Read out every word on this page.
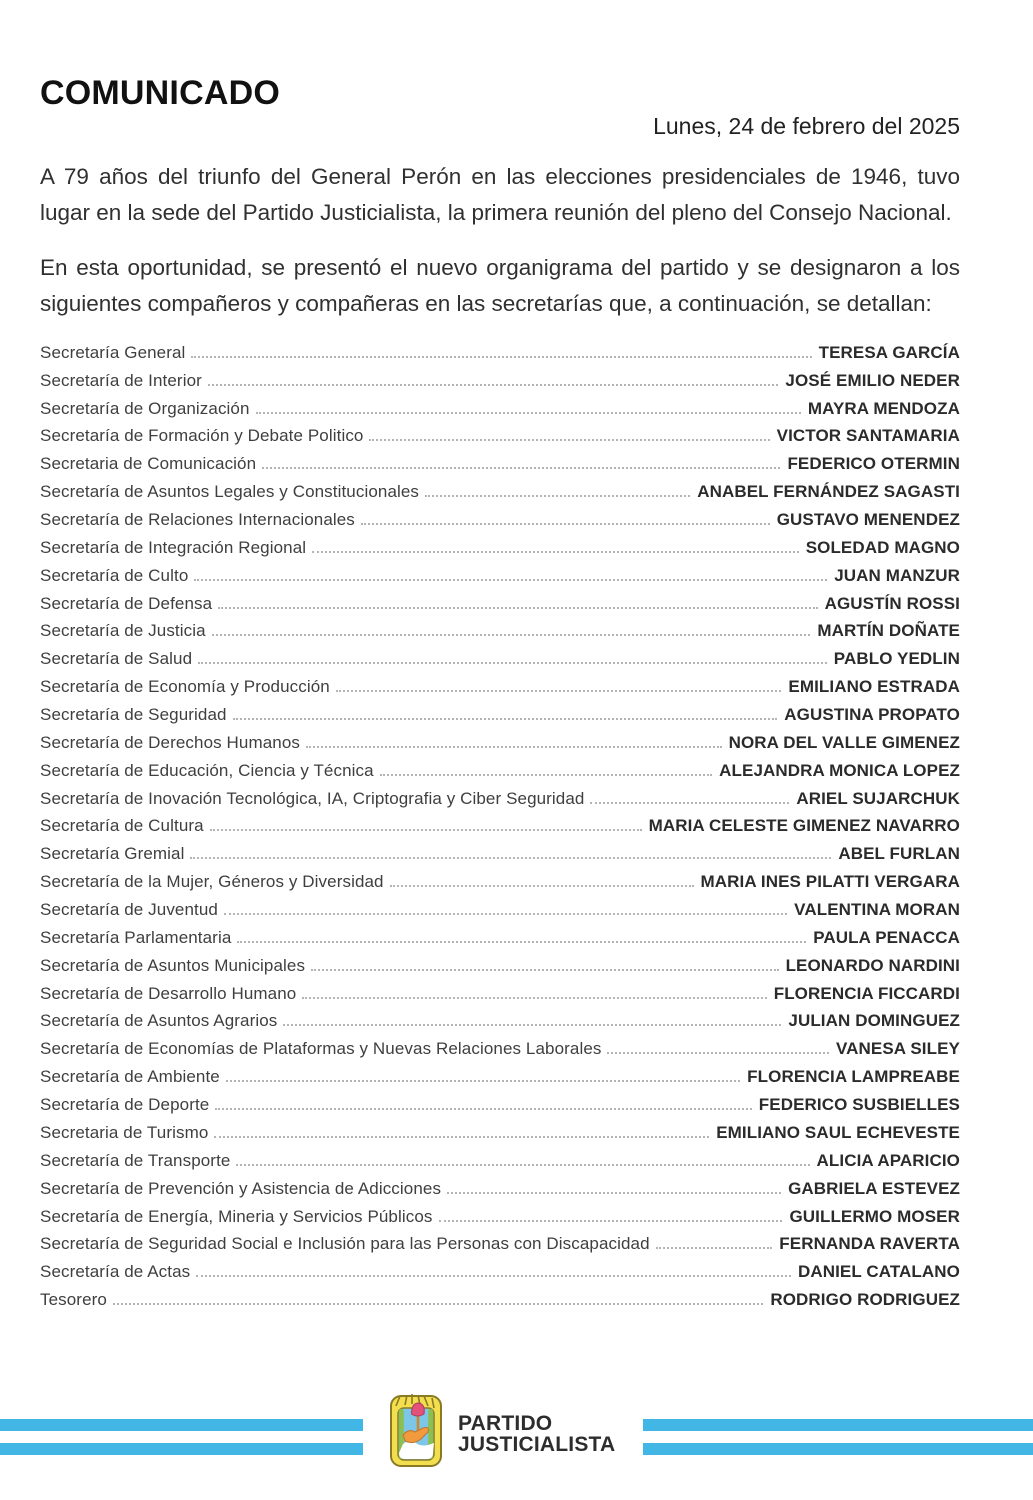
COMUNICADO
Lunes, 24 de febrero del 2025

A 79 años del triunfo del General Perón en las elecciones presidenciales de 1946, tuvo lugar en la sede del Partido Justicialista, la primera reunión del pleno del Consejo Nacional.

En esta oportunidad, se presentó el nuevo organigrama del partido y se designaron a los siguientes compañeros y compañeras en las secretarías que, a continuación, se detallan:

Secretaría General	TERESA GARCÍA
Secretaría de Interior	JOSÉ EMILIO NEDER
Secretaría de Organización	MAYRA MENDOZA
Secretaría de Formación y Debate Politico	VICTOR SANTAMARIA
Secretaria de Comunicación	FEDERICO OTERMIN
Secretaría de Asuntos Legales y Constitucionales	ANABEL FERNÁNDEZ SAGASTI
Secretaría de Relaciones Internacionales	GUSTAVO MENENDEZ
Secretaría de Integración Regional	SOLEDAD MAGNO
Secretaría de Culto	JUAN MANZUR
Secretaría de Defensa	AGUSTÍN ROSSI
Secretaría de Justicia	MARTÍN DOÑATE
Secretaría de Salud	PABLO YEDLIN
Secretaría de Economía y Producción	EMILIANO ESTRADA
Secretaría de Seguridad	AGUSTINA PROPATO
Secretaría de Derechos Humanos	NORA DEL VALLE GIMENEZ
Secretaría de Educación, Ciencia y Técnica	ALEJANDRA MONICA LOPEZ
Secretaría de Inovación Tecnológica, IA, Criptografia y Ciber Seguridad	ARIEL SUJARCHUK
Secretaría de Cultura	MARIA CELESTE GIMENEZ NAVARRO
Secretaría Gremial	ABEL FURLAN
Secretaría de la Mujer, Géneros y Diversidad	MARIA INES PILATTI VERGARA
Secretaría de Juventud	VALENTINA MORAN
Secretaría Parlamentaria	PAULA PENACCA
Secretaría de Asuntos Municipales	LEONARDO NARDINI
Secretaría de Desarrollo Humano	FLORENCIA FICCARDI
Secretaría de Asuntos Agrarios	JULIAN DOMINGUEZ
Secretaría de Economías de Plataformas y Nuevas Relaciones Laborales	VANESA SILEY
Secretaría de Ambiente	FLORENCIA LAMPREABE
Secretaría de Deporte	FEDERICO SUSBIELLES
Secretaria de Turismo	EMILIANO SAUL ECHEVESTE
Secretaría de Transporte	ALICIA APARICIO
Secretaría de Prevención y Asistencia de Adicciones	GABRIELA ESTEVEZ
Secretaría de Energía, Mineria y Servicios Públicos	GUILLERMO MOSER
Secretaría de Seguridad Social e Inclusión para las Personas con Discapacidad	FERNANDA RAVERTA
Secretaría de Actas	DANIEL CATALANO
Tesorero	RODRIGO RODRIGUEZ
PARTIDO
JUSTICIALISTA
